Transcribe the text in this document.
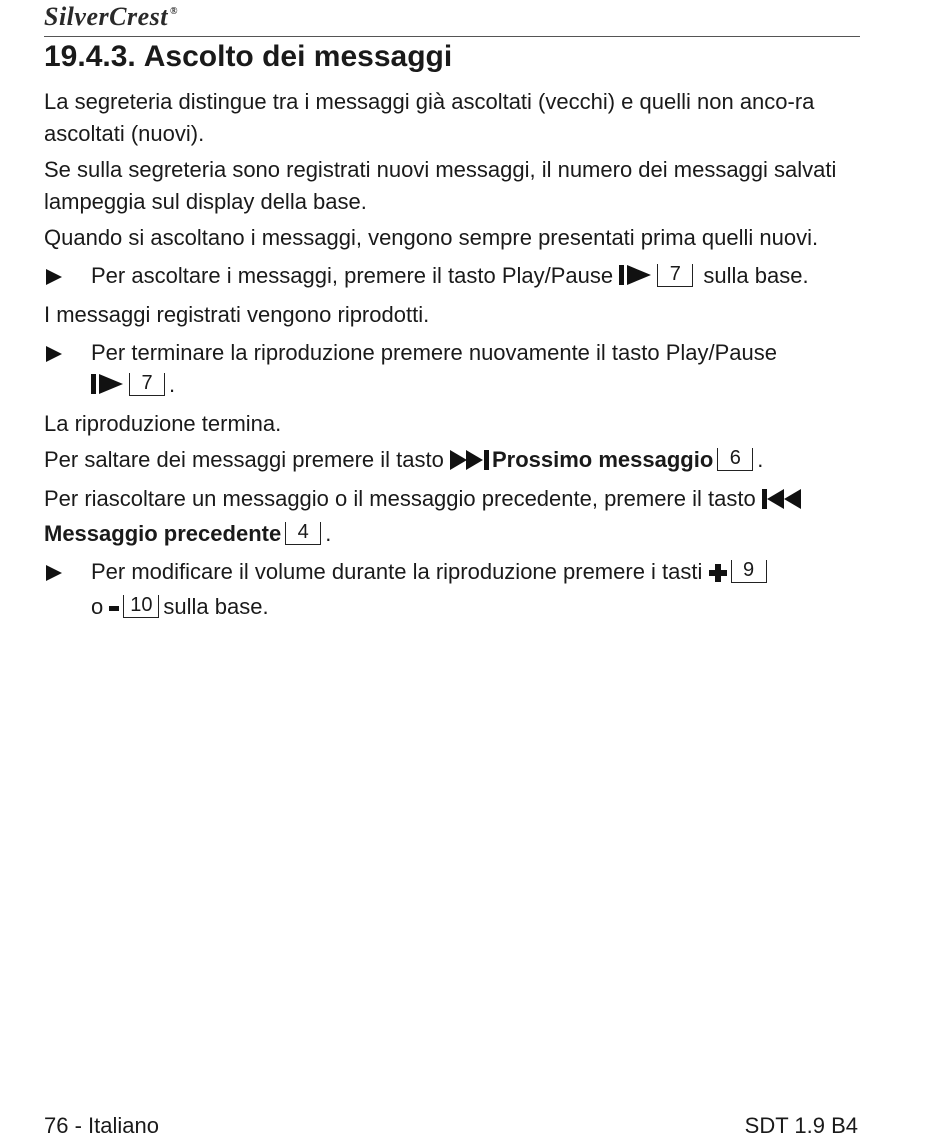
SilverCrest ®
19.4.3. Ascolto dei messaggi

La segreteria distingue tra i messaggi già ascoltati (vecchi) e quelli non anco-ra ascoltati (nuovi).

Se sulla segreteria sono registrati nuovi messaggi, il numero dei messaggi salvati lampeggia sul display della base.

Quando si ascoltano i messaggi, vengono sempre presentati prima quelli nuovi.

Per ascoltare i messaggi, premere il tasto Play/Pause	7 sulla base.

I messaggi registrati vengono riprodotti.

Per terminare la riproduzione premere nuovamente il tasto Play/Pause
7 .

La riproduzione termina.

Per saltare dei messaggi premere il tasto Prossimo messaggio 6 .

Per riascoltare un messaggio o il messaggio precedente, premere il tasto
Messaggio precedente 4 .

Per modificare il volume durante la riproduzione premere i tasti 9
o 10 sulla base.
76 - Italiano	SDT 1.9 B4
